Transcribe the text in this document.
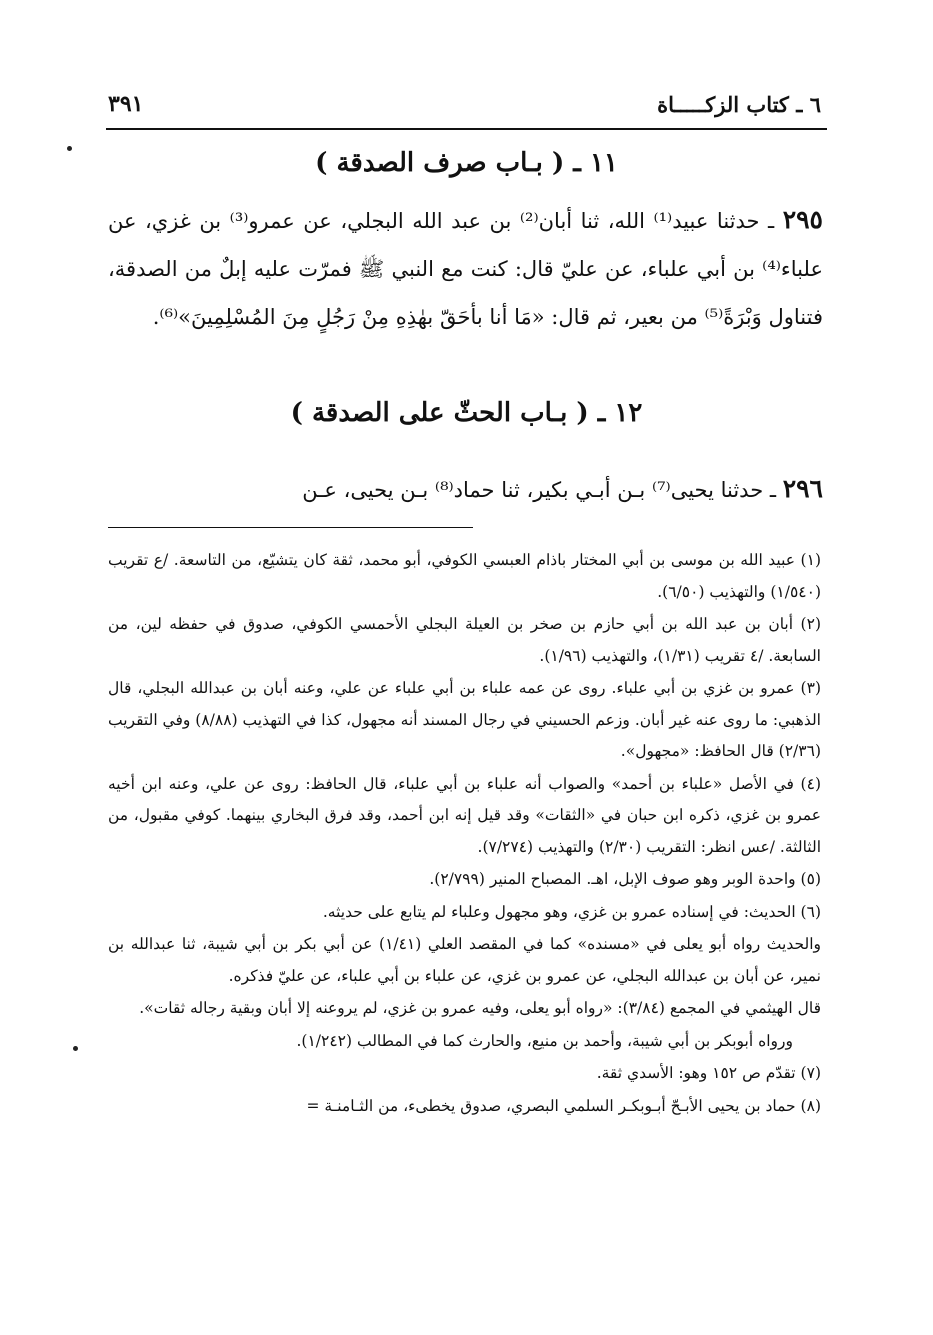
٣٩١	٦ ـ كتاب الزكـــــاة
١١ ـ ( بـاب صرف الصدقة )
٢٩٥ ـ حدثنا عبيد⁽¹⁾ الله، ثنا أبان⁽²⁾ بن عبد الله البجلي، عن عمرو⁽³⁾ بن غزي، عن علباء⁽⁴⁾ بن أبي علباء، عن عليّ قال: كنت مع النبي ﷺ فمرّت عليه إبلٌ من الصدقة، فتناول وَبْرَةً⁽⁵⁾ من بعير، ثم قال: «مَا أنا بأحَقّ بهٰذِهِ مِنْ رَجُلٍ مِنَ المُسْلِمِينَ»⁽⁶⁾.
١٢ ـ ( بـاب الحثّ على الصدقة )
٢٩٦ ـ حدثنا يحيى⁽⁷⁾ بـن أبـي بكير، ثنا حماد⁽⁸⁾ بـن يحيى، عـن

(١) عبيد الله بن موسى بن أبي المختار باذام العبسي الكوفي، أبو محمد، ثقة كان يتشيّع، من التاسعة. /ع تقريب (١/٥٤٠) والتهذيب (٦/٥٠).

(٢) أبان بن عبد الله بن أبي حازم بن صخر بن العيلة البجلي الأحمسي الكوفي، صدوق في حفظه لين، من السابعة. /٤ تقريب (١/٣١)، والتهذيب (١/٩٦).

(٣) عمرو بن غزي بن أبي علباء. روى عن عمه علباء بن أبي علباء عن علي، وعنه أبان بن عبدالله البجلي، قال الذهبي: ما روى عنه غير أبان. وزعم الحسيني في رجال المسند أنه مجهول، كذا في التهذيب (٨/٨٨) وفي التقريب (٢/٣٦) قال الحافظ: «مجهول».

(٤) في الأصل «علباء بن أحمد» والصواب أنه علباء بن أبي علباء، قال الحافظ: روى عن علي، وعنه ابن أخيه عمرو بن غزي، ذكره ابن حبان في «الثقات» وقد قيل إنه ابن أحمد، وقد فرق البخاري بينهما. كوفي مقبول، من الثالثة. /عس انظر: التقريب (٢/٣٠) والتهذيب (٧/٢٧٤).

(٥) واحدة الوبر وهو صوف الإبل، اهـ. المصباح المنير (٢/٧٩٩).

(٦) الحديث: في إسناده عمرو بن غزي، وهو مجهول وعلباء لم يتابع على حديثه.

والحديث رواه أبو يعلى في «مسنده» كما في المقصد العلي (١/٤١) عن أبي بكر بن أبي شيبة، ثنا عبدالله بن نمير، عن أبان بن عبدالله البجلي، عن عمرو بن غزي، عن علباء بن أبي علباء، عن عليّ فذكره.

قال الهيثمي في المجمع (٣/٨٤): «رواه أبو يعلى، وفيه عمرو بن غزي، لم يروعنه إلا أبان وبقية رجاله ثقات».

ورواه أبوبكر بن أبي شيبة، وأحمد بن منيع، والحارث كما في المطالب (١/٢٤٢).

(٧) تقدّم ص ١٥٢ وهو: الأسدي ثقة.

(٨) حماد بن يحيى الأبـحّ أبـوبكـر السلمي البصري، صدوق يخطىء، من الثـامنـة =
